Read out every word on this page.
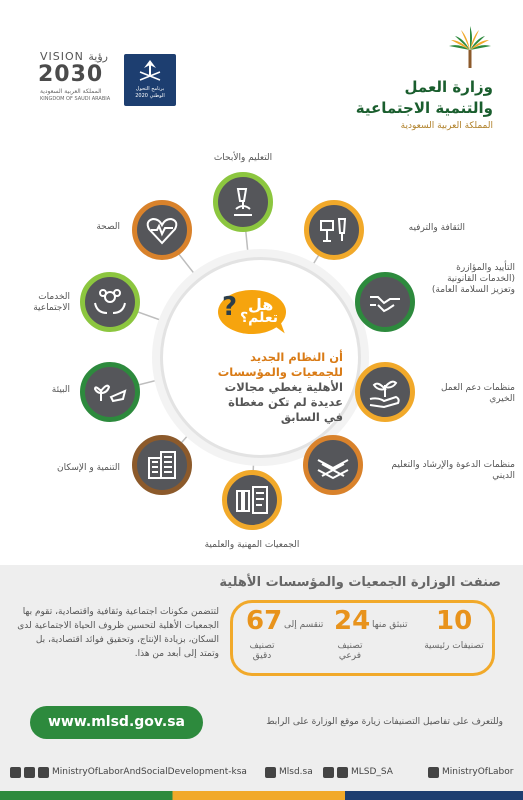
وزارة العمل
والتنمية الاجتماعية
المملكة العربية السعودية
VISION رؤية
2030
المملكة العربية السعودية
KINGDOM OF SAUDI ARABIA
برنامج التحول
الوطني 2020
? هل
تعلم؟
أن النظام الجديد
للجمعيات والمؤسسات
الأهلية يغطي مجالات
عديدة لم تكن مغطاة
في السابق
التعليم والأبحاث
الثقافة والترفيه
التأييد والمؤازرة (الخدمات القانونية وتعزيز السلامة العامة)
منظمات دعم العمل الخيري
منظمات الدعوة والإرشاد والتعليم الديني
الجمعيات المهنية والعلمية
التنمية و الإسكان
البيئة
الخدمات الاجتماعية
الصحة
صنفت الوزارة الجمعيات والمؤسسات الأهلية
10
تصنيفات رئيسية
تنبثق منها
24
تصنيف فرعي
تنقسم إلى
67
تصنيف دقيق
لتتضمن مكونات اجتماعية وثقافية واقتصادية، تقوم بها الجمعيات الأهلية لتحسين ظروف الحياة الاجتماعية لدى السكان، بزيادة الإنتاج، وتحقيق فوائد اقتصادية، بل وتمتد إلى أبعد من هذا.
www.mlsd.gov.sa	وللتعرف على تفاصيل التصنيفات زيارة موقع الوزارة على الرابط
MinistryOfLaborAndSocialDevelopment-ksa	Mlsd.sa	MLSD_SA	MinistryOfLabor
